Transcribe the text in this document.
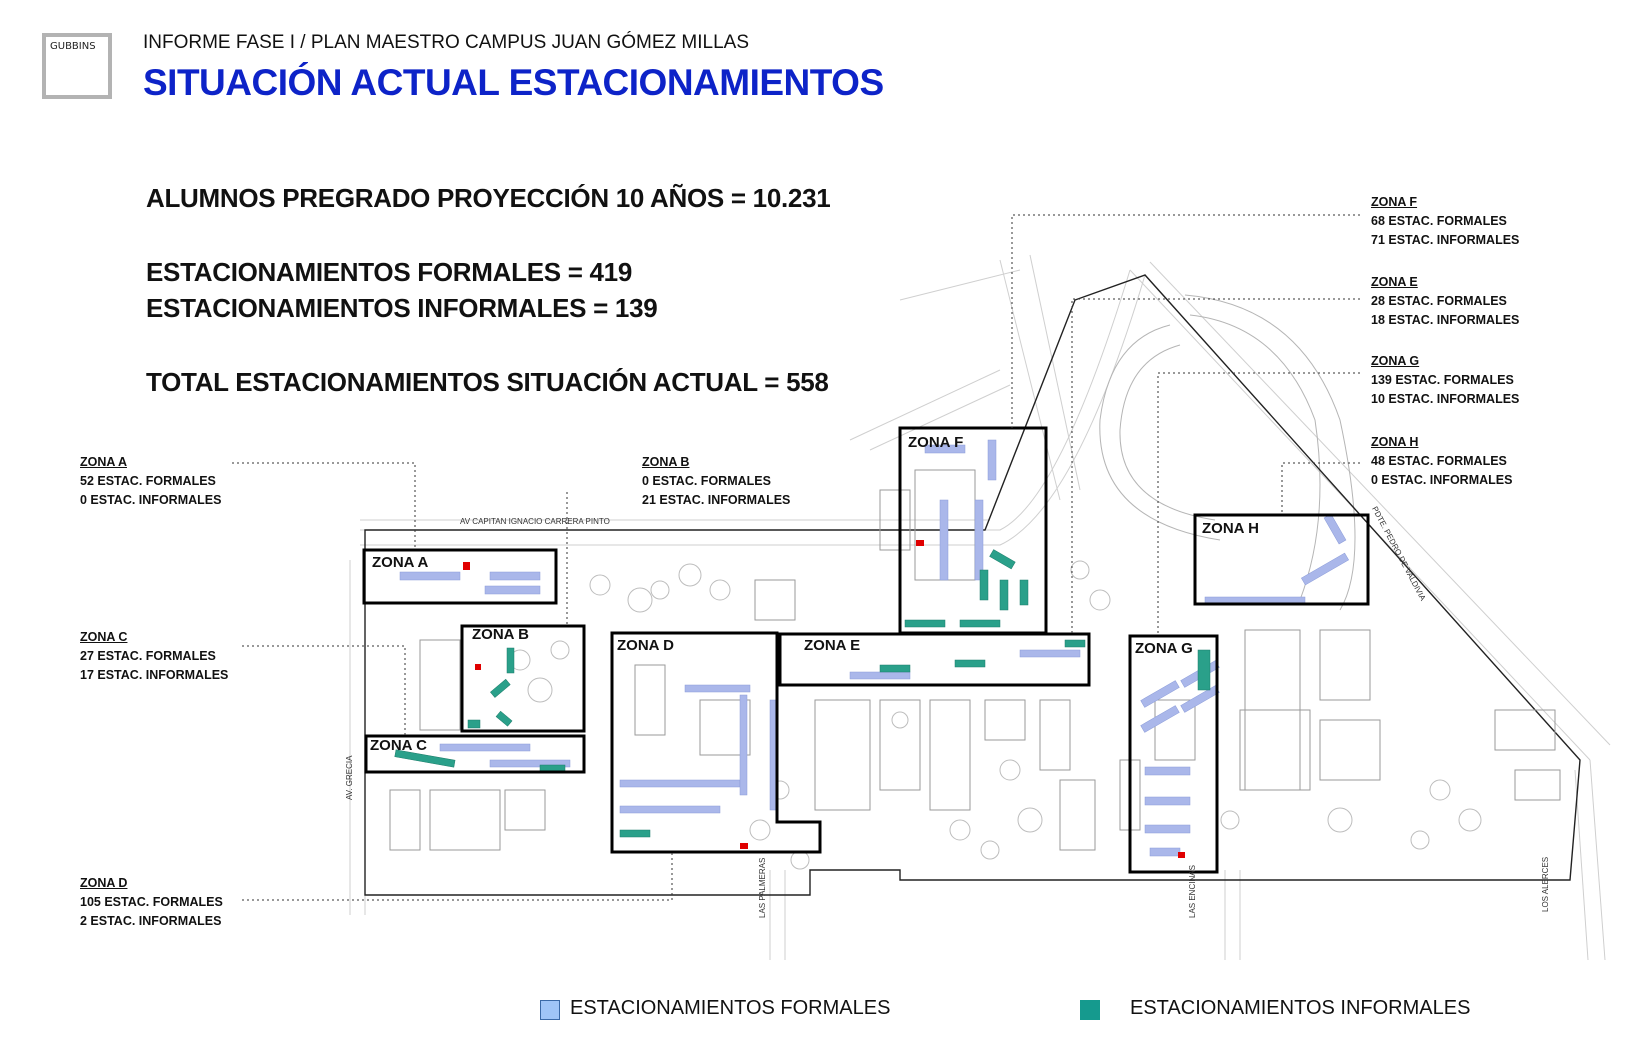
GUBBINS INFORME FASE I / PLAN MAESTRO CAMPUS JUAN GÓMEZ MILLAS
SITUACIÓN ACTUAL ESTACIONAMIENTOS
ALUMNOS PREGRADO PROYECCIÓN 10 AÑOS = 10.231
ESTACIONAMIENTOS FORMALES = 419
ESTACIONAMIENTOS INFORMALES = 139
TOTAL ESTACIONAMIENTOS SITUACIÓN ACTUAL = 558
ZONA A
ZONA B
ZONA C
ZONA D	ZONA E
ZONA F
ZONA G
ZONA H
AV CAPITAN IGNACIO CARRERA PINTO
AV. GRECIA
LAS PALMERAS	LAS ENCINAS	LOS ALERCES
PDTE. PEDRO DE VALDIVIA
ZONA A
52 ESTAC. FORMALES
0 ESTAC. INFORMALES
ZONA B
0 ESTAC. FORMALES
21 ESTAC. INFORMALES
ZONA C
27 ESTAC. FORMALES
17 ESTAC. INFORMALES
ZONA D
105 ESTAC. FORMALES
2 ESTAC. INFORMALES
ZONA F
68 ESTAC. FORMALES
71 ESTAC. INFORMALES
ZONA E
28 ESTAC. FORMALES
18 ESTAC. INFORMALES
ZONA G
139 ESTAC. FORMALES
10 ESTAC. INFORMALES
ZONA H
48 ESTAC. FORMALES
0 ESTAC. INFORMALES
ESTACIONAMIENTOS FORMALES	ESTACIONAMIENTOS INFORMALES
